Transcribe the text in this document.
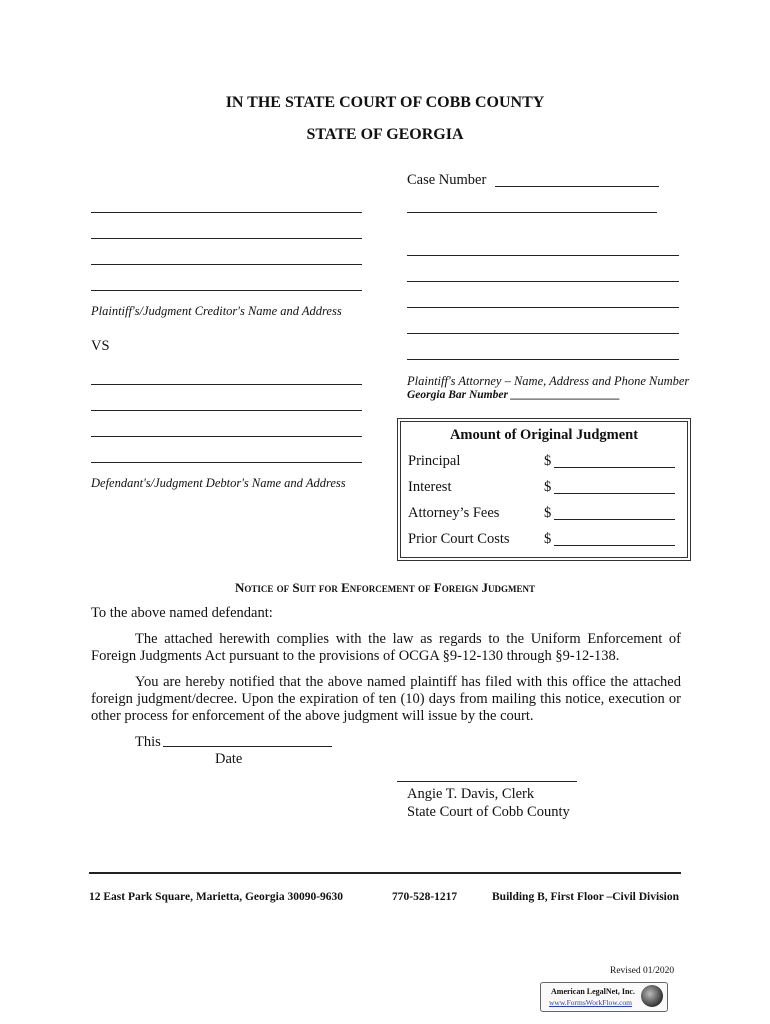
IN THE STATE COURT OF COBB COUNTY
STATE OF GEORGIA
Case Number
Plaintiff's/Judgment Creditor's Name and Address
VS
Plaintiff's Attorney – Name, Address and Phone Number
Georgia Bar Number ___________________
Defendant's/Judgment Debtor's Name and Address
Amount of Original Judgment
Principal	$
Interest	$
Attorney’s Fees	$
Prior Court Costs $
Notice of Suit for Enforcement of Foreign Judgment
To the above named defendant:
The attached herewith complies with the law as regards to the Uniform Enforcement of Foreign Judgments Act pursuant to the provisions of OCGA §9-12-130 through §9-12-138.
You are hereby notified that the above named plaintiff has filed with this office the attached foreign judgment/decree. Upon the expiration of ten (10) days from mailing this notice, execution or other process for enforcement of the above judgment will issue by the court.
This
Date
Angie T. Davis, Clerk
State Court of Cobb County
12 East Park Square, Marietta, Georgia 30090-9630	770-528-1217	Building B, First Floor –Civil Division
Revised 01/2020
American LegalNet, Inc.
www.FormsWorkFlow.com
